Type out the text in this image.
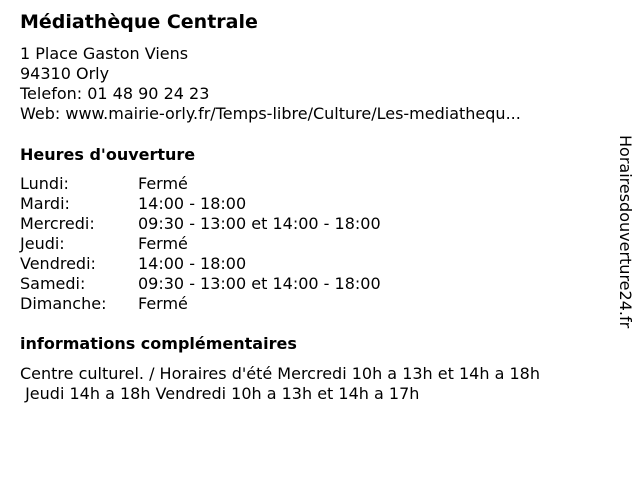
Médiathèque Centrale
1 Place Gaston Viens
94310 Orly
Telefon: 01 48 90 24 23
Web: www.mairie-orly.fr/Temps-libre/Culture/Les-mediathequ...
Heures d'ouverture
Lundi:	Fermé
Mardi:	14:00 - 18:00
Mercredi:	09:30 - 13:00 et 14:00 - 18:00
Jeudi:	Fermé
Vendredi:	14:00 - 18:00
Samedi:	09:30 - 13:00 et 14:00 - 18:00
Dimanche:	Fermé
informations complémentaires
Centre culturel. / Horaires d'été Mercredi 10h a 13h et 14h a 18h
Jeudi 14h a 18h Vendredi 10h a 13h et 14h a 17h
Horairesdouverture24.fr
